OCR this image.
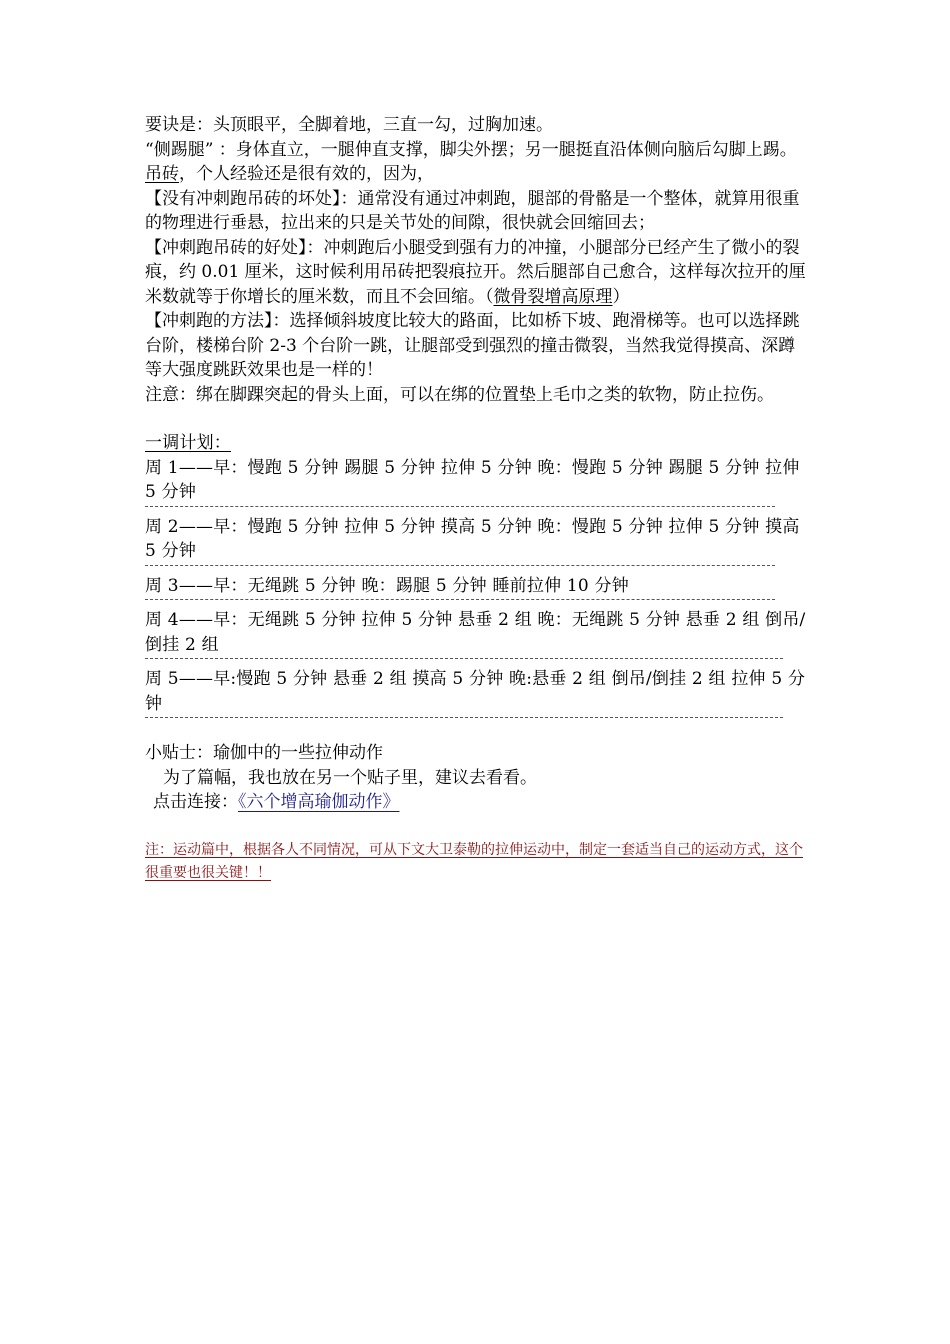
要诀是：头顶眼平，全脚着地，三直一勾，过胸加速。

“侧踢腿” ：身体直立，一腿伸直支撑，脚尖外摆；另一腿挺直沿体侧向脑后勾脚上踢。

吊砖，个人经验还是很有效的，因为，

【没有冲刺跑吊砖的坏处】：通常没有通过冲刺跑，腿部的骨骼是一个整体，就算用很重的物理进行垂悬，拉出来的只是关节处的间隙，很快就会回缩回去；

【冲刺跑吊砖的好处】：冲刺跑后小腿受到强有力的冲撞，小腿部分已经产生了微小的裂痕，约 0.01 厘米，这时候利用吊砖把裂痕拉开。然后腿部自己愈合，这样每次拉开的厘米数就等于你增长的厘米数，而且不会回缩。（微骨裂增高原理）

【冲刺跑的方法】：选择倾斜坡度比较大的路面，比如桥下坡、跑滑梯等。也可以选择跳台阶，楼梯台阶 2-3 个台阶一跳，让腿部受到强烈的撞击微裂，当然我觉得摸高、深蹲等大强度跳跃效果也是一样的！

注意：绑在脚踝突起的骨头上面，可以在绑的位置垫上毛巾之类的软物，防止拉伤。

一调计划：

周 1——早：慢跑 5 分钟 踢腿 5 分钟 拉伸 5 分钟 晚：慢跑 5 分钟 踢腿 5 分钟 拉伸 5 分钟

周 2——早：慢跑 5 分钟 拉伸 5 分钟 摸高 5 分钟 晚：慢跑 5 分钟 拉伸 5 分钟 摸高 5 分钟

周 3——早：无绳跳 5 分钟 晚：踢腿 5 分钟 睡前拉伸 10 分钟

周 4——早：无绳跳 5 分钟 拉伸 5 分钟 悬垂 2 组 晚：无绳跳 5 分钟 悬垂 2 组 倒吊/倒挂 2 组

周 5——早:慢跑 5 分钟 悬垂 2 组 摸高 5 分钟 晚:悬垂 2 组 倒吊/倒挂 2 组 拉伸 5 分钟

小贴士：瑜伽中的一些拉伸动作

为了篇幅，我也放在另一个贴子里，建议去看看。

点击连接：《六个增高瑜伽动作》

注：运动篇中，根据各人不同情况，可从下文大卫泰勒的拉伸运动中，制定一套适当自己的运动方式，这个很重要也很关键！！
